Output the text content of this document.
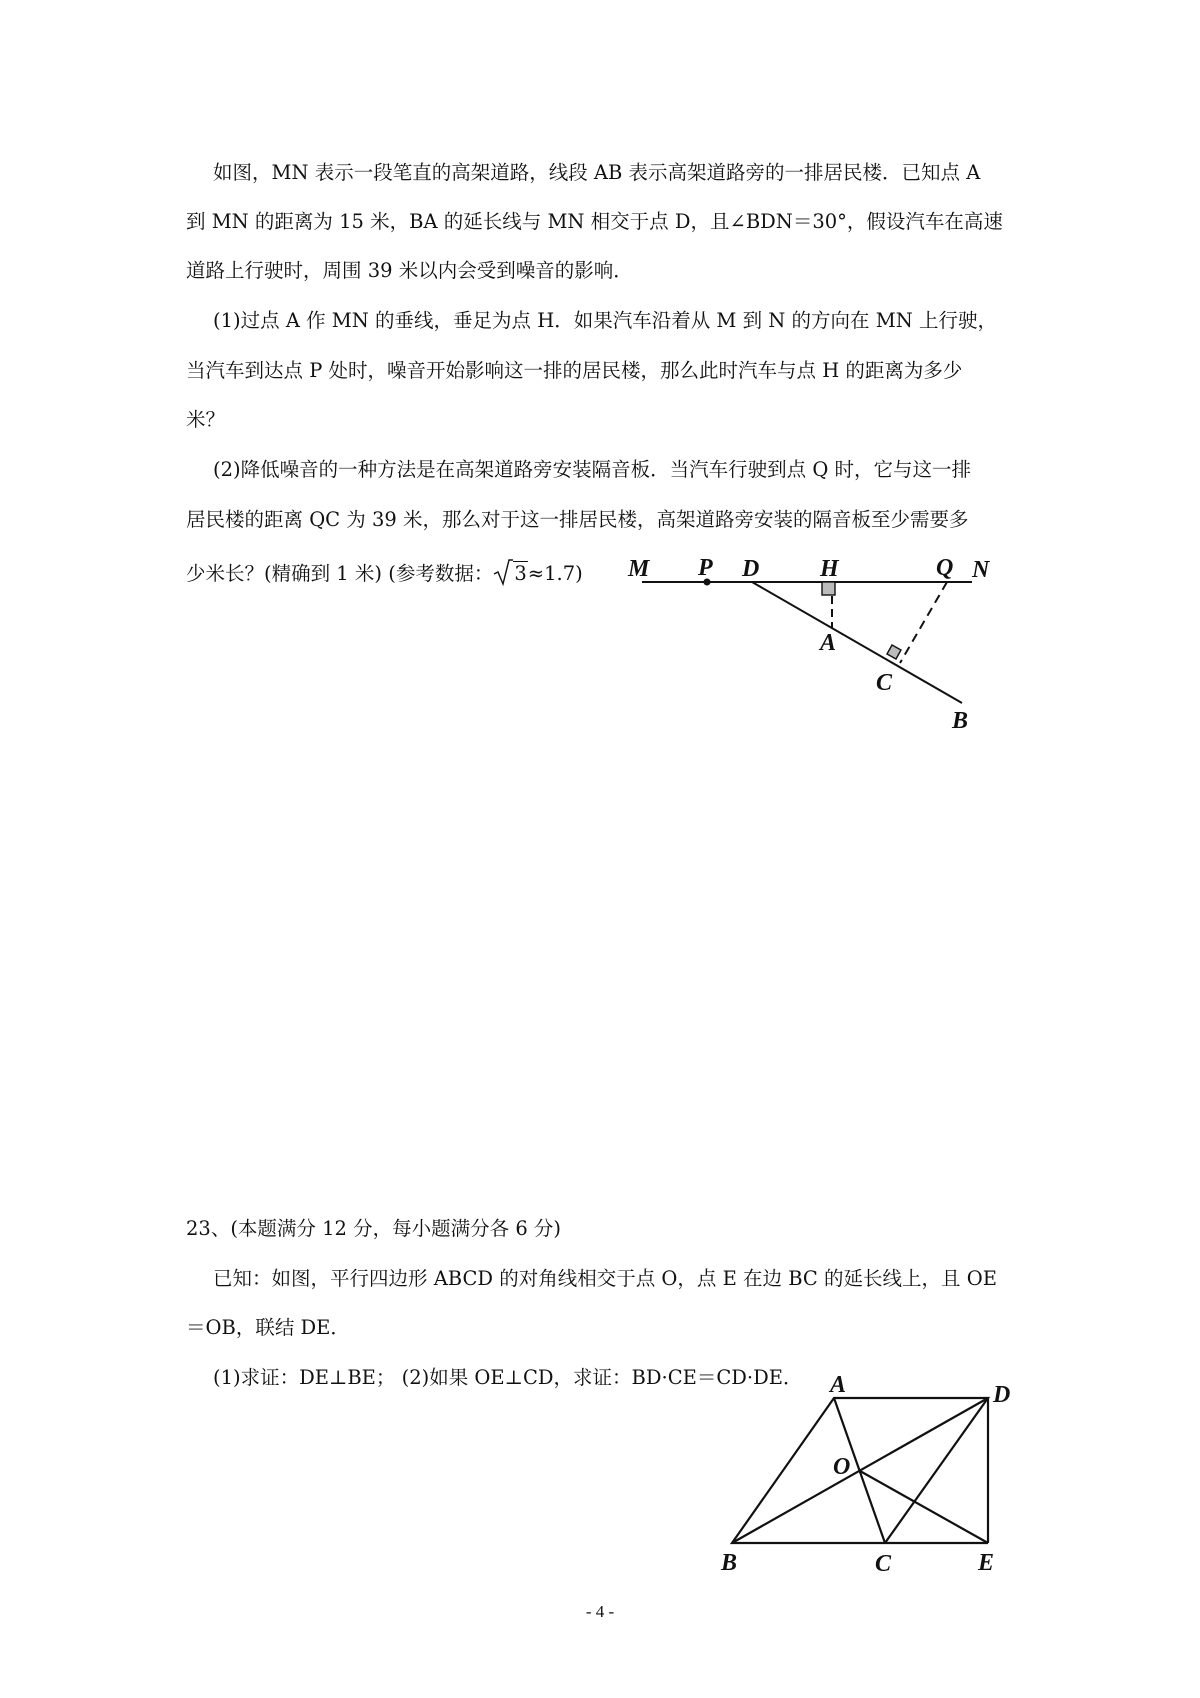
如图，MN 表示一段笔直的高架道路，线段 AB 表示高架道路旁的一排居民楼．已知点 A
到 MN 的距离为 15 米，BA 的延长线与 MN 相交于点 D，且∠BDN＝30°，假设汽车在高速
道路上行驶时，周围 39 米以内会受到噪音的影响．
(1)过点 A 作 MN 的垂线，垂足为点 H．如果汽车沿着从 M 到 N 的方向在 MN 上行驶，
当汽车到达点 P 处时，噪音开始影响这一排的居民楼，那么此时汽车与点 H 的距离为多少
米？
(2)降低噪音的一种方法是在高架道路旁安装隔音板．当汽车行驶到点 Q 时，它与这一排
居民楼的距离 QC 为 39 米，那么对于这一排居民楼，高架道路旁安装的隔音板至少需要多
少米长？(精确到 1 米) (参考数据： 3≈1.7) M P D	H	Q N
A
C
B
23、(本题满分 12 分，每小题满分各 6 分)
已知：如图，平行四边形 ABCD 的对角线相交于点 O，点 E 在边 BC 的延长线上，且 OE
＝OB，联结 DE．
(1)求证：DE⊥BE； (2)如果 OE⊥CD，求证：BD·CE＝CD·DE． A	D
O
B	C	E
- 4 -
